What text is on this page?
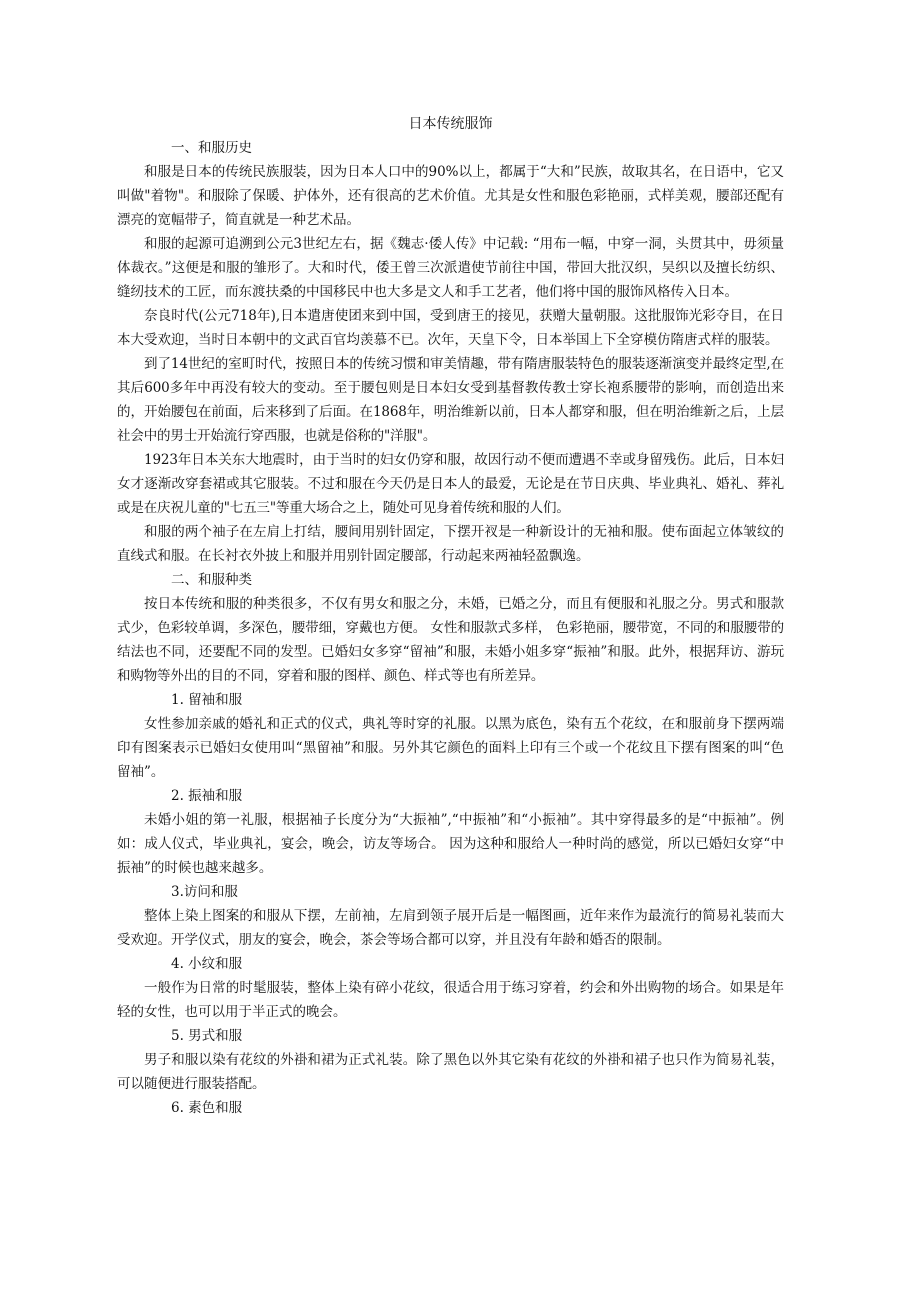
日本传统服饰

一、和服历史

和服是日本的传统民族服装，因为日本人口中的90%以上，都属于“大和”民族，故取其名，在日语中，它又叫做"着物"。和服除了保暖、护体外，还有很高的艺术价值。尤其是女性和服色彩艳丽，式样美观，腰部还配有漂亮的宽幅带子，简直就是一种艺术品。

和服的起源可追溯到公元3世纪左右，据《魏志·倭人传》中记载: “用布一幅，中穿一洞，头贯其中，毋须量体裁衣。”这便是和服的雏形了。大和时代，倭王曾三次派遣使节前往中国，带回大批汉织，吴织以及擅长纺织、缝纫技术的工匠，而东渡扶桑的中国移民中也大多是文人和手工艺者，他们将中国的服饰风格传入日本。

奈良时代(公元718年),日本遣唐使团来到中国，受到唐王的接见，获赠大量朝服。这批服饰光彩夺目，在日本大受欢迎，当时日本朝中的文武百官均羡慕不已。次年，天皇下令，日本举国上下全穿模仿隋唐式样的服装。

到了14世纪的室町时代，按照日本的传统习惯和审美情趣，带有隋唐服装特色的服装逐渐演变并最终定型,在其后600多年中再没有较大的变动。至于腰包则是日本妇女受到基督教传教士穿长袍系腰带的影响，而创造出来的，开始腰包在前面，后来移到了后面。在1868年，明治维新以前，日本人都穿和服，但在明治维新之后，上层社会中的男士开始流行穿西服，也就是俗称的"洋服"。

1923年日本关东大地震时，由于当时的妇女仍穿和服，故因行动不便而遭遇不幸或身留残伤。此后，日本妇女才逐渐改穿套裙或其它服装。不过和服在今天仍是日本人的最爱，无论是在节日庆典、毕业典礼、婚礼、葬礼或是在庆祝儿童的"七五三"等重大场合之上，随处可见身着传统和服的人们。

和服的两个袖子在左肩上打结，腰间用别针固定，下摆开衩是一种新设计的无袖和服。使布面起立体皱纹的直线式和服。在长衬衣外披上和服并用别针固定腰部，行动起来两袖轻盈飘逸。

二、和服种类

按日本传统和服的种类很多，不仅有男女和服之分，未婚，已婚之分，而且有便服和礼服之分。男式和服款式少，色彩较单调，多深色，腰带细，穿戴也方便。 女性和服款式多样， 色彩艳丽，腰带宽，不同的和服腰带的结法也不同，还要配不同的发型。已婚妇女多穿“留袖”和服，未婚小姐多穿“振袖”和服。此外，根据拜访、游玩和购物等外出的目的不同，穿着和服的图样、颜色、样式等也有所差异。

1. 留袖和服

女性参加亲戚的婚礼和正式的仪式，典礼等时穿的礼服。以黑为底色，染有五个花纹，在和服前身下摆两端印有图案表示已婚妇女使用叫“黑留袖”和服。另外其它颜色的面料上印有三个或一个花纹且下摆有图案的叫“色留袖”。

2. 振袖和服

未婚小姐的第一礼服，根据袖子长度分为“大振袖”,“中振袖”和“小振袖”。其中穿得最多的是“中振袖”。例如：成人仪式，毕业典礼，宴会，晚会，访友等场合。 因为这种和服给人一种时尚的感觉，所以已婚妇女穿“中振袖”的时候也越来越多。

3.访问和服

整体上染上图案的和服从下摆，左前袖，左肩到领子展开后是一幅图画，近年来作为最流行的简易礼装而大受欢迎。开学仪式，朋友的宴会，晚会，茶会等场合都可以穿，并且没有年龄和婚否的限制。

4. 小纹和服

一般作为日常的时髦服装，整体上染有碎小花纹，很适合用于练习穿着，约会和外出购物的场合。如果是年轻的女性，也可以用于半正式的晚会。

5. 男式和服

男子和服以染有花纹的外褂和裙为正式礼装。除了黑色以外其它染有花纹的外褂和裙子也只作为简易礼装，可以随便进行服装搭配。

6. 素色和服
